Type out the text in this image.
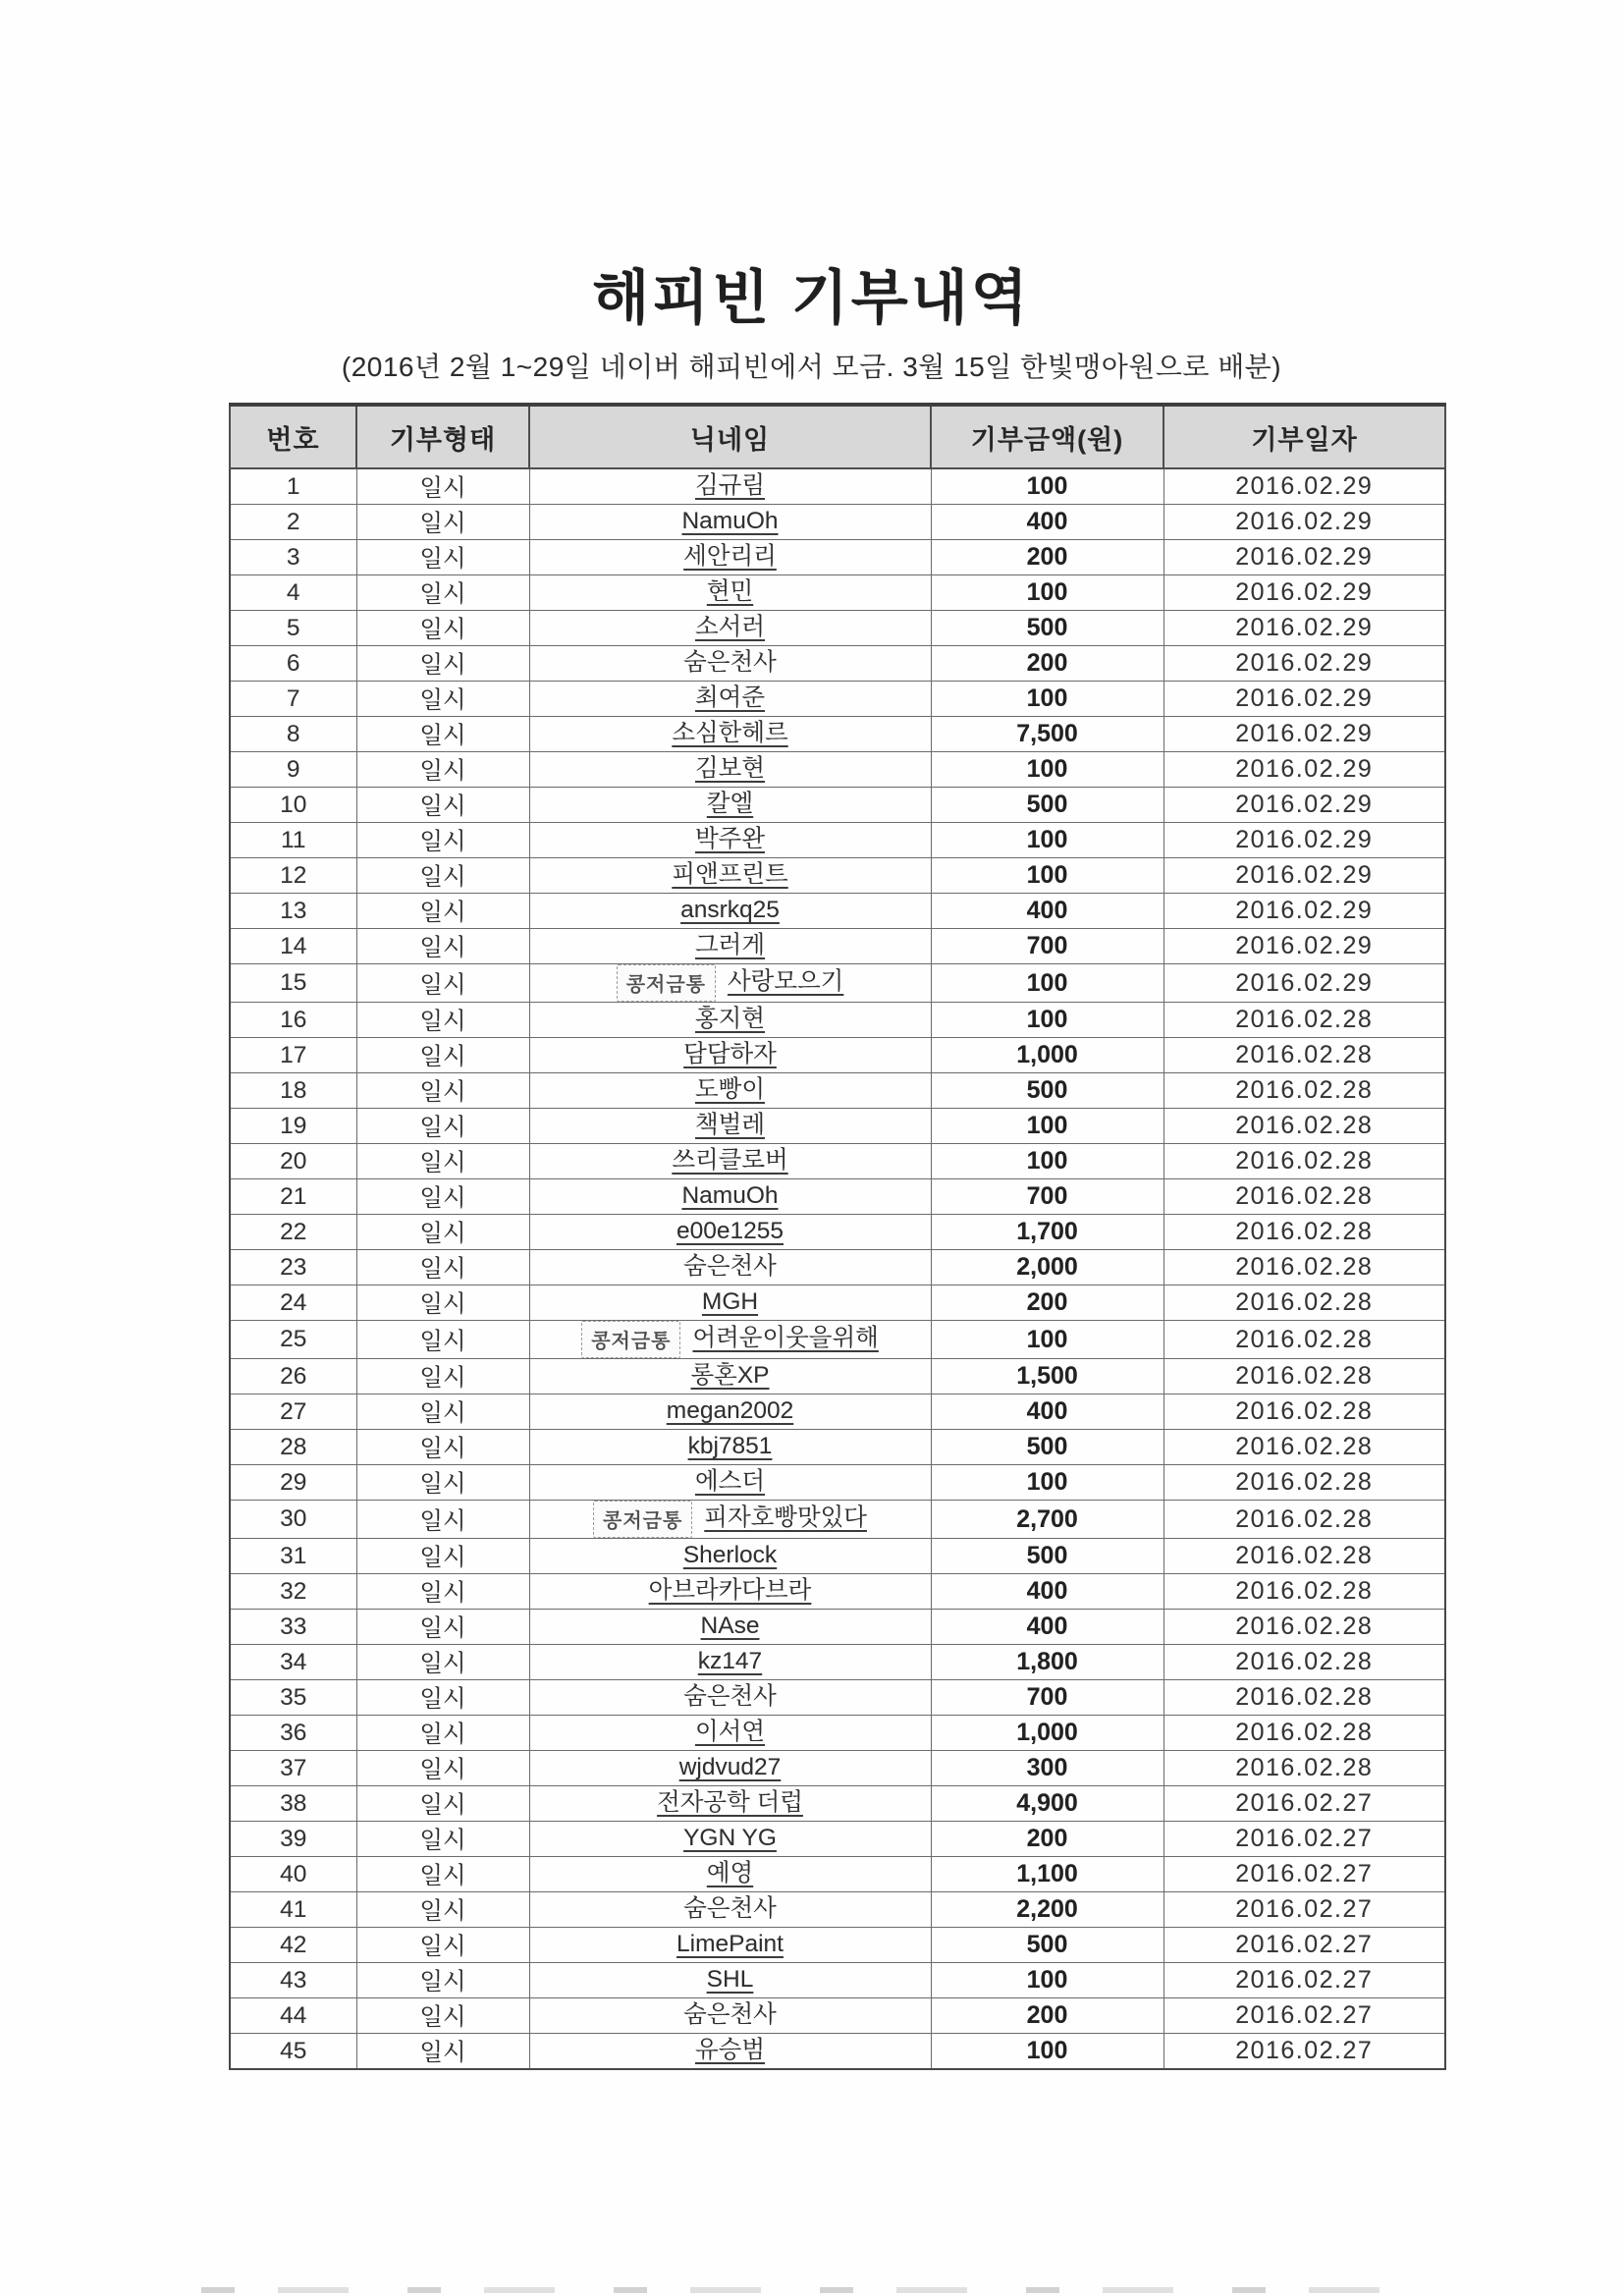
해피빈 기부내역

(2016년 2월 1~29일 네이버 해피빈에서 모금. 3월 15일 한빛맹아원으로 배분)

번호	기부형태	닉네임	기부금액(원)	기부일자
1	일시	김규림	100	2016.02.29
2	일시	NamuOh	400	2016.02.29
3	일시	세안리리	200	2016.02.29
4	일시	현민	100	2016.02.29
5	일시	소서러	500	2016.02.29
6	일시	숨은천사	200	2016.02.29
7	일시	최여준	100	2016.02.29
8	일시	소심한헤르	7,500	2016.02.29
9	일시	김보현	100	2016.02.29
10	일시	칼엘	500	2016.02.29
11	일시	박주완	100	2016.02.29
12	일시	피앤프린트	100	2016.02.29
13	일시	ansrkq25	400	2016.02.29
14	일시	그러게	700	2016.02.29
15	일시	콩저금통 사랑모으기	100	2016.02.29
16	일시	홍지현	100	2016.02.28
17	일시	담담하자	1,000	2016.02.28
18	일시	도빵이	500	2016.02.28
19	일시	책벌레	100	2016.02.28
20	일시	쓰리클로버	100	2016.02.28
21	일시	NamuOh	700	2016.02.28
22	일시	e00e1255	1,700	2016.02.28
23	일시	숨은천사	2,000	2016.02.28
24	일시	MGH	200	2016.02.28
25	일시	콩저금통 어려운이웃을위해	100	2016.02.28
26	일시	롱혼XP	1,500	2016.02.28
27	일시	megan2002	400	2016.02.28
28	일시	kbj7851	500	2016.02.28
29	일시	에스더	100	2016.02.28
30	일시	콩저금통 피자호빵맛있다	2,700	2016.02.28
31	일시	Sherlock	500	2016.02.28
32	일시	아브라카다브라	400	2016.02.28
33	일시	NAse	400	2016.02.28
34	일시	kz147	1,800	2016.02.28
35	일시	숨은천사	700	2016.02.28
36	일시	이서연	1,000	2016.02.28
37	일시	wjdvud27	300	2016.02.28
38	일시	전자공학 더럽	4,900	2016.02.27
39	일시	YGN YG	200	2016.02.27
40	일시	예영	1,100	2016.02.27
41	일시	숨은천사	2,200	2016.02.27
42	일시	LimePaint	500	2016.02.27
43	일시	SHL	100	2016.02.27
44	일시	숨은천사	200	2016.02.27
45	일시	유승범	100	2016.02.27
